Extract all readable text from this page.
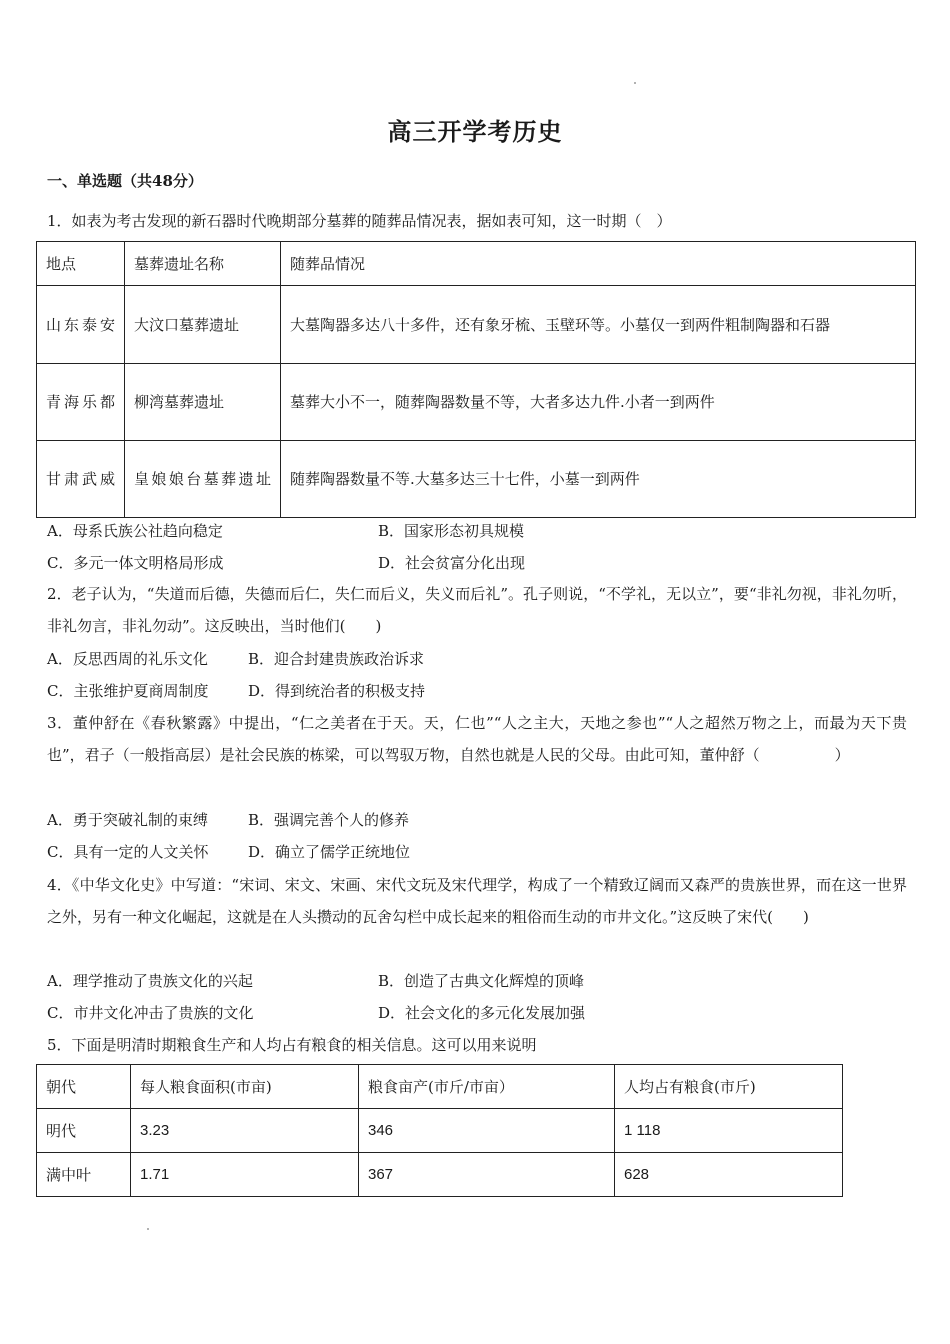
高三开学考历史
一、单选题（共48分）

1．如表为考古发现的新石器时代晚期部分墓葬的随葬品情况表，据如表可知，这一时期（　）

地点	墓葬遗址名称	随葬品情况
山东泰安	大汶口墓葬遗址	大墓陶器多达八十多件，还有象牙梳、玉壁环等。小墓仅一到两件粗制陶器和石器
青海乐都	柳湾墓葬遗址	墓葬大小不一，随葬陶器数量不等，大者多达九件.小者一到两件
甘肃武威	皇娘娘台墓葬遗址	随葬陶器数量不等.大墓多达三十七件，小墓一到两件
A．母系氏族公社趋向稳定	B．国家形态初具规模
C．多元一体文明格局形成	D．社会贫富分化出现

2．老子认为，“失道而后德，失德而后仁，失仁而后义，失义而后礼”。孔子则说，“不学礼，无以立”，要“非礼勿视，非礼勿听，非礼勿言，非礼勿动”。这反映出，当时他们(　　)

A．反思西周的礼乐文化	B．迎合封建贵族政治诉求
C．主张维护夏商周制度	D．得到统治者的积极支持

3．董仲舒在《春秋繁露》中提出，“仁之美者在于天。天，仁也”“人之主大，天地之参也”“人之超然万物之上，而最为天下贵也”，君子（一般指高层）是社会民族的栋梁，可以驾驭万物，自然也就是人民的父母。由此可知，董仲舒（　　　　　）

A．勇于突破礼制的束缚	B．强调完善个人的修养
C．具有一定的人文关怀	D．确立了儒学正统地位

4．《中华文化史》中写道：“宋词、宋文、宋画、宋代文玩及宋代理学，构成了一个精致辽阔而又森严的贵族世界，而在这一世界之外，另有一种文化崛起，这就是在人头攒动的瓦舍勾栏中成长起来的粗俗而生动的市井文化。”这反映了宋代(　　)

A．理学推动了贵族文化的兴起	B．创造了古典文化辉煌的顶峰
C．市井文化冲击了贵族的文化	D．社会文化的多元化发展加强

5．下面是明清时期粮食生产和人均占有粮食的相关信息。这可以用来说明

朝代	每人粮食面积(市亩)	粮食亩产(市斤/市亩）	人均占有粮食(市斤)
明代	3.23	346	1 118
满中叶	1.71	367	628
